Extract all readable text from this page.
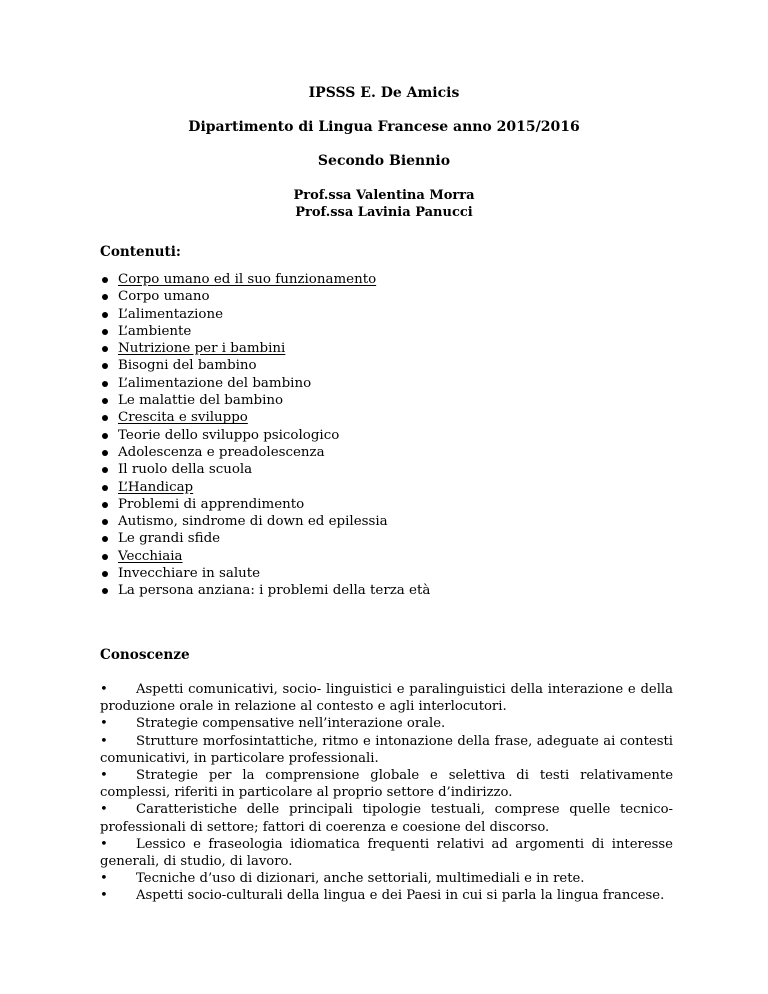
IPSSS E. De Amicis
Dipartimento di Lingua Francese anno 2015/2016
Secondo Biennio
Prof.ssa Valentina Morra
Prof.ssa Lavinia Panucci
Contenuti:
Corpo umano ed il suo funzionamento
Corpo umano
L’alimentazione
L’ambiente
Nutrizione per i bambini
Bisogni del bambino
L’alimentazione del bambino
Le malattie del bambino
Crescita e sviluppo
Teorie dello sviluppo psicologico
Adolescenza e preadolescenza
Il ruolo della scuola
L’Handicap
Problemi di apprendimento
Autismo, sindrome di down ed epilessia
Le grandi sfide
Vecchiaia
Invecchiare in salute
La persona anziana: i problemi della terza età
Conoscenze

• Aspetti comunicativi, socio- linguistici e paralinguistici della interazione e della produzione orale in relazione al contesto e agli interlocutori.

• Strategie compensative nell’interazione orale.

• Strutture morfosintattiche, ritmo e intonazione della frase, adeguate ai contesti comunicativi, in particolare professionali.

• Strategie per la comprensione globale e selettiva di testi relativamente complessi, riferiti in particolare al proprio settore d’indirizzo.

• Caratteristiche delle principali tipologie testuali, comprese quelle tecnico-professionali di settore; fattori di coerenza e coesione del discorso.

• Lessico e fraseologia idiomatica frequenti relativi ad argomenti di interesse generali, di studio, di lavoro.

• Tecniche d’uso di dizionari, anche settoriali, multimediali e in rete.

• Aspetti socio-culturali della lingua e dei Paesi in cui si parla la lingua francese.
